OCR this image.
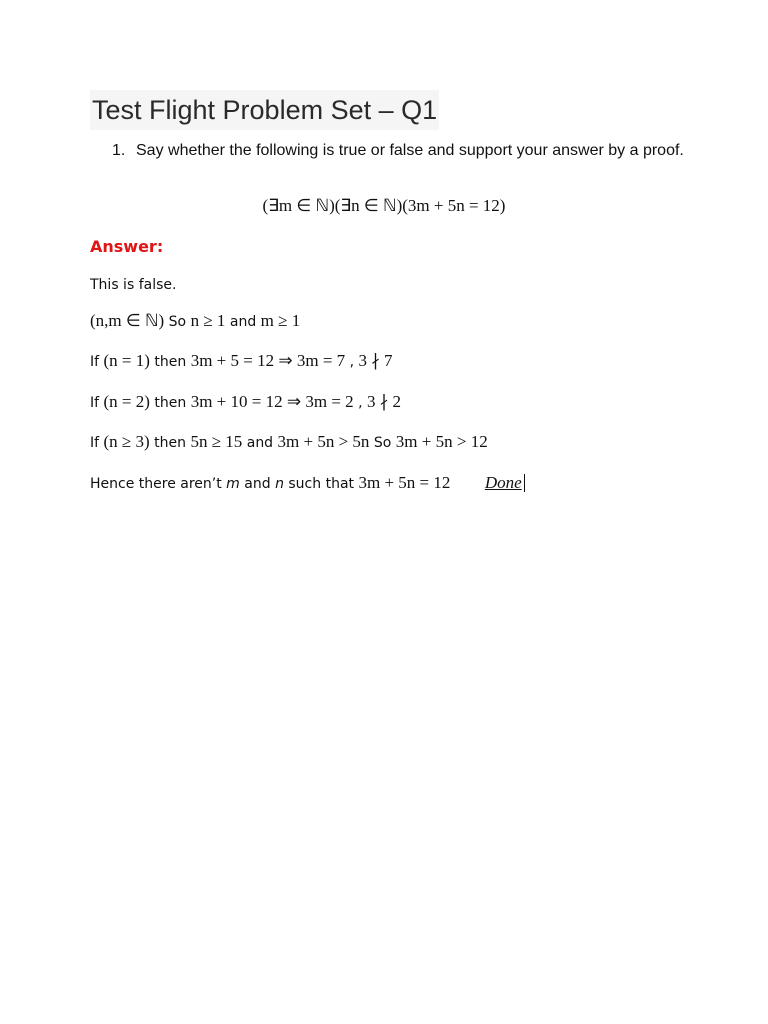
Test Flight Problem Set – Q1
1. Say whether the following is true or false and support your answer by a proof.
(∃m ∈ ℕ)(∃n ∈ ℕ)(3m + 5n = 12)
Answer:
This is false.
(n,m ∈ ℕ) So n ≥ 1 and m ≥ 1
If (n = 1) then 3m + 5 = 12 ⇒ 3m = 7 , 3 ∤ 7
If (n = 2) then 3m + 10 = 12 ⇒ 3m = 2 , 3 ∤ 2
If (n ≥ 3) then 5n ≥ 15 and 3m + 5n > 5n So 3m + 5n > 12
Hence there aren’t m and n such that 3m + 5n = 12 Done
